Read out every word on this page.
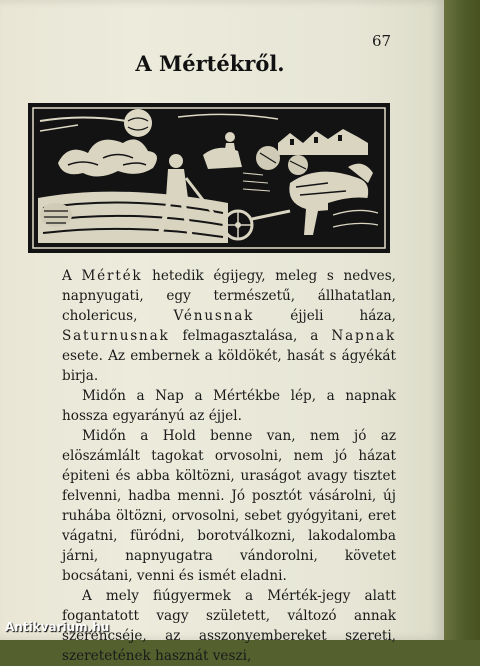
67
A Mértékről.

A Mérték hetedik égijegy, meleg s nedves, napnyugati, egy természetű, állhatatlan, cholericus, Vénusnak éjjeli háza, Saturnusnak felmagasztalása, a Napnak esete. Az embernek a köldökét, hasát s ágyékát birja.

Midőn a Nap a Mértékbe lép, a napnak hossza egyarányú az éjjel.

Midőn a Hold benne van, nem jó az elöszámlált tagokat orvosolni, nem jó házat épiteni és abba költözni, uraságot avagy tisztet felvenni, hadba menni. Jó posztót vásárolni, új ruhába öltözni, orvosolni, sebet gyógyitani, eret vágatni, füródni, borotválkozni, lakodalomba járni, napnyugatra vándorolni, követet bocsátani, venni és ismét eladni.

A mely fiúgyermek a Mérték-jegy alatt fogantatott vagy született, változó annak szerencséje, az asszonyembereket szereti, szeretetének hasznát veszi,

Antikvarium.hu
